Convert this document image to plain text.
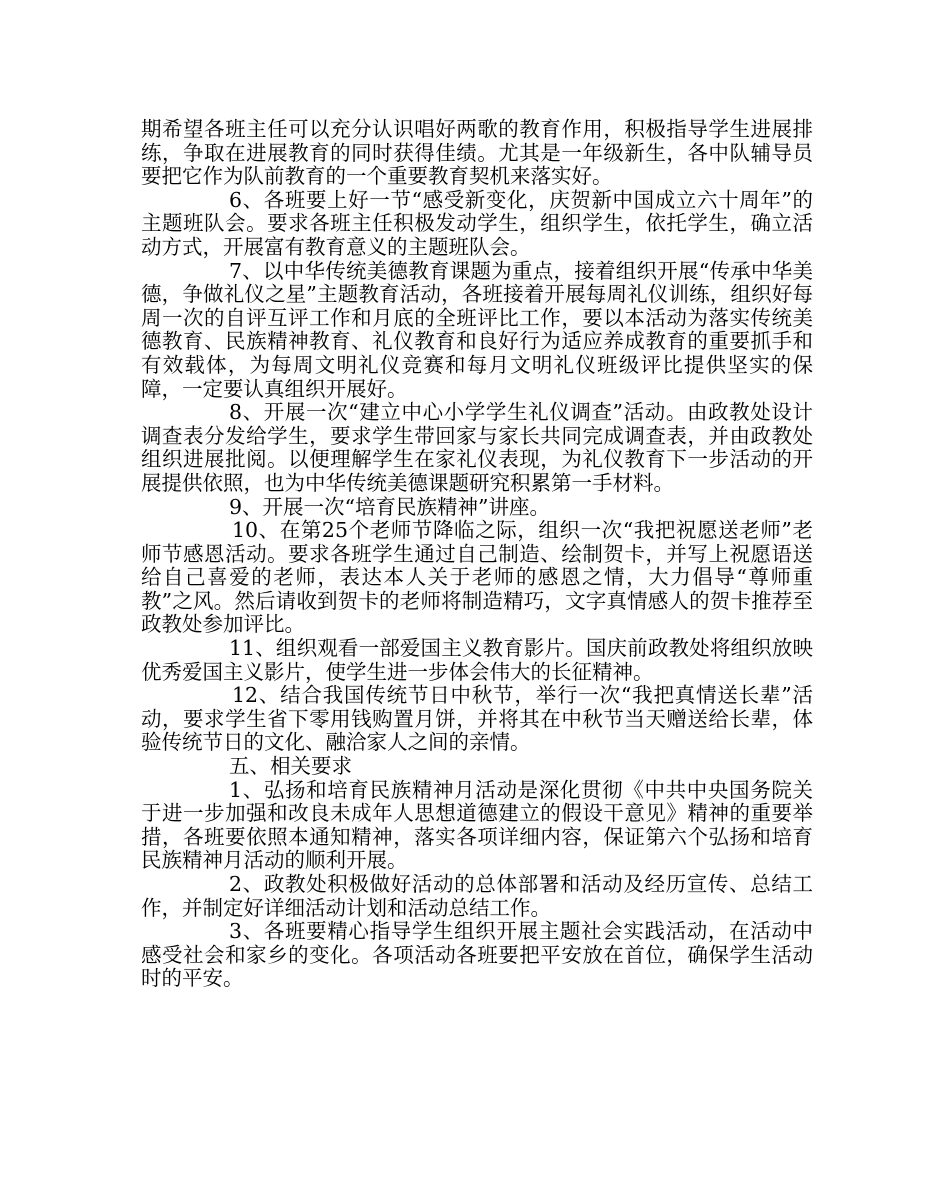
期希望各班主任可以充分认识唱好两歌的教育作用，积极指导学生进展排练，争取在进展教育的同时获得佳绩。尤其是一年级新生，各中队辅导员要把它作为队前教育的一个重要教育契机来落实好。

6、各班要上好一节“感受新变化，庆贺新中国成立六十周年”的主题班队会。要求各班主任积极发动学生，组织学生，依托学生，确立活动方式，开展富有教育意义的主题班队会。

7、以中华传统美德教育课题为重点，接着组织开展“传承中华美德，争做礼仪之星”主题教育活动，各班接着开展每周礼仪训练，组织好每周一次的自评互评工作和月底的全班评比工作，要以本活动为落实传统美德教育、民族精神教育、礼仪教育和良好行为适应养成教育的重要抓手和有效载体，为每周文明礼仪竞赛和每月文明礼仪班级评比提供坚实的保障，一定要认真组织开展好。

8、开展一次“建立中心小学学生礼仪调查”活动。由政教处设计调查表分发给学生，要求学生带回家与家长共同完成调查表，并由政教处组织进展批阅。以便理解学生在家礼仪表现，为礼仪教育下一步活动的开展提供依照，也为中华传统美德课题研究积累第一手材料。

9、开展一次“培育民族精神”讲座。

10、在第25个老师节降临之际，组织一次“我把祝愿送老师”老师节感恩活动。要求各班学生通过自己制造、绘制贺卡，并写上祝愿语送给自己喜爱的老师，表达本人关于老师的感恩之情，大力倡导“尊师重教”之风。然后请收到贺卡的老师将制造精巧，文字真情感人的贺卡推荐至政教处参加评比。

11、组织观看一部爱国主义教育影片。国庆前政教处将组织放映优秀爱国主义影片，使学生进一步体会伟大的长征精神。

12、结合我国传统节日中秋节，举行一次“我把真情送长辈”活动，要求学生省下零用钱购置月饼，并将其在中秋节当天赠送给长辈，体验传统节日的文化、融洽家人之间的亲情。

五、相关要求

1、弘扬和培育民族精神月活动是深化贯彻《中共中央国务院关于进一步加强和改良未成年人思想道德建立的假设干意见》精神的重要举措，各班要依照本通知精神，落实各项详细内容，保证第六个弘扬和培育民族精神月活动的顺利开展。

2、政教处积极做好活动的总体部署和活动及经历宣传、总结工作，并制定好详细活动计划和活动总结工作。

3、各班要精心指导学生组织开展主题社会实践活动，在活动中感受社会和家乡的变化。各项活动各班要把平安放在首位，确保学生活动时的平安。
